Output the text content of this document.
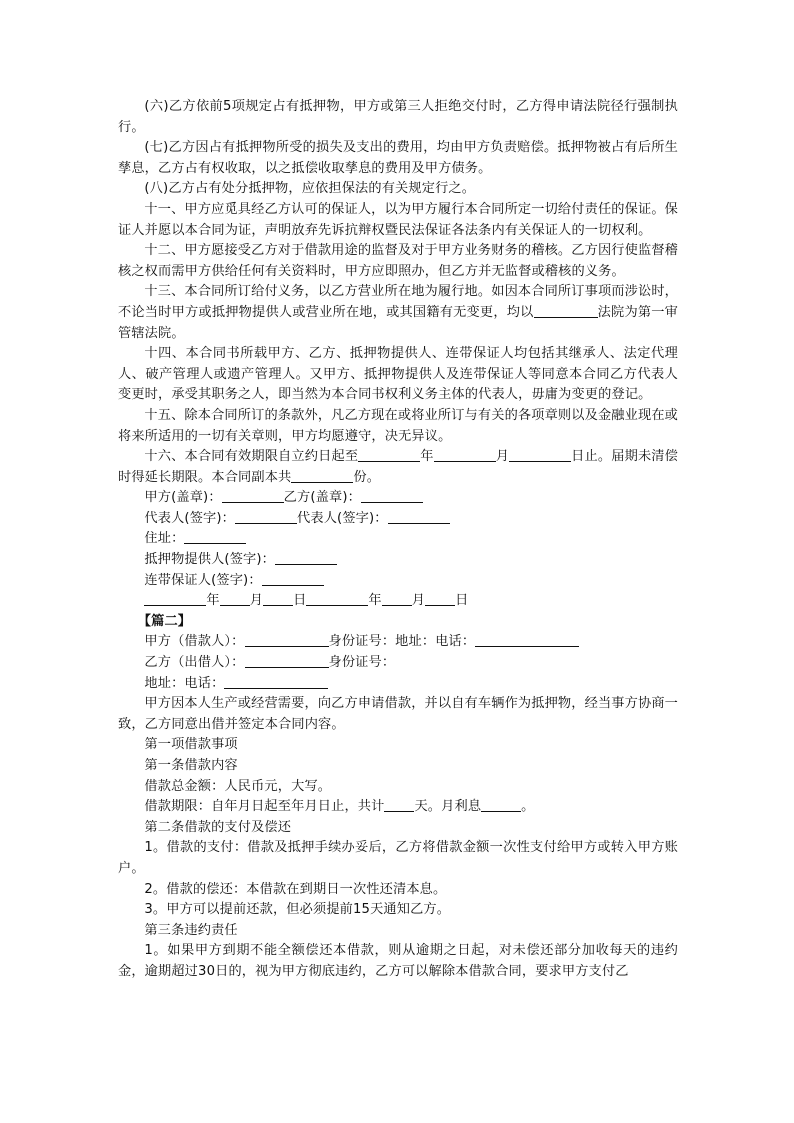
(六)乙方依前5项规定占有抵押物，甲方或第三人拒绝交付时，乙方得申请法院径行强制执行。

(七)乙方因占有抵押物所受的损失及支出的费用，均由甲方负责赔偿。抵押物被占有后所生孳息，乙方占有权收取，以之抵偿收取孳息的费用及甲方债务。

(八)乙方占有处分抵押物，应依担保法的有关规定行之。

十一、甲方应觅具经乙方认可的保证人，以为甲方履行本合同所定一切给付责任的保证。保证人并愿以本合同为证，声明放弃先诉抗辩权暨民法保证各法条内有关保证人的一切权利。

十二、甲方愿接受乙方对于借款用途的监督及对于甲方业务财务的稽核。乙方因行使监督稽核之权而需甲方供给任何有关资料时，甲方应即照办，但乙方并无监督或稽核的义务。

十三、本合同所订给付义务，以乙方营业所在地为履行地。如因本合同所订事项而涉讼时，不论当时甲方或抵押物提供人或营业所在地，或其国籍有无变更，均以	法院为第一审管辖法院。

十四、本合同书所载甲方、乙方、抵押物提供人、连带保证人均包括其继承人、法定代理人、破产管理人或遗产管理人。又甲方、抵押物提供人及连带保证人等同意本合同乙方代表人变更时，承受其职务之人，即当然为本合同书权利义务主体的代表人，毋庸为变更的登记。

十五、除本合同所订的条款外，凡乙方现在或将业所订与有关的各项章则以及金融业现在或将来所适用的一切有关章则，甲方均愿遵守，决无异议。

十六、本合同有效期限自立约日起至	年	月	日止。届期未清偿时得延长期限。本合同副本共	份。

甲方(盖章)：	乙方(盖章)：

代表人(签字)：	代表人(签字)：

住址：

抵押物提供人(签字)：

连带保证人(签字)：

年 月 日	年 月 日

【篇二】

甲方（借款人）：	身份证号：地址：电话：

乙方（出借人）：	身份证号：

地址：电话：

甲方因本人生产或经营需要，向乙方申请借款，并以自有车辆作为抵押物，经当事方协商一致，乙方同意出借并签定本合同内容。

第一项借款事项

第一条借款内容

借款总金额：人民币元，大写。

借款期限：自年月日起至年月日止，共计 天。月利息	。

第二条借款的支付及偿还

1。借款的支付：借款及抵押手续办妥后，乙方将借款金额一次性支付给甲方或转入甲方账户。

2。借款的偿还：本借款在到期日一次性还清本息。

3。甲方可以提前还款，但必须提前15天通知乙方。

第三条违约责任

1。如果甲方到期不能全额偿还本借款，则从逾期之日起，对未偿还部分加收每天的违约金，逾期超过30日的，视为甲方彻底违约，乙方可以解除本借款合同，要求甲方支付乙
